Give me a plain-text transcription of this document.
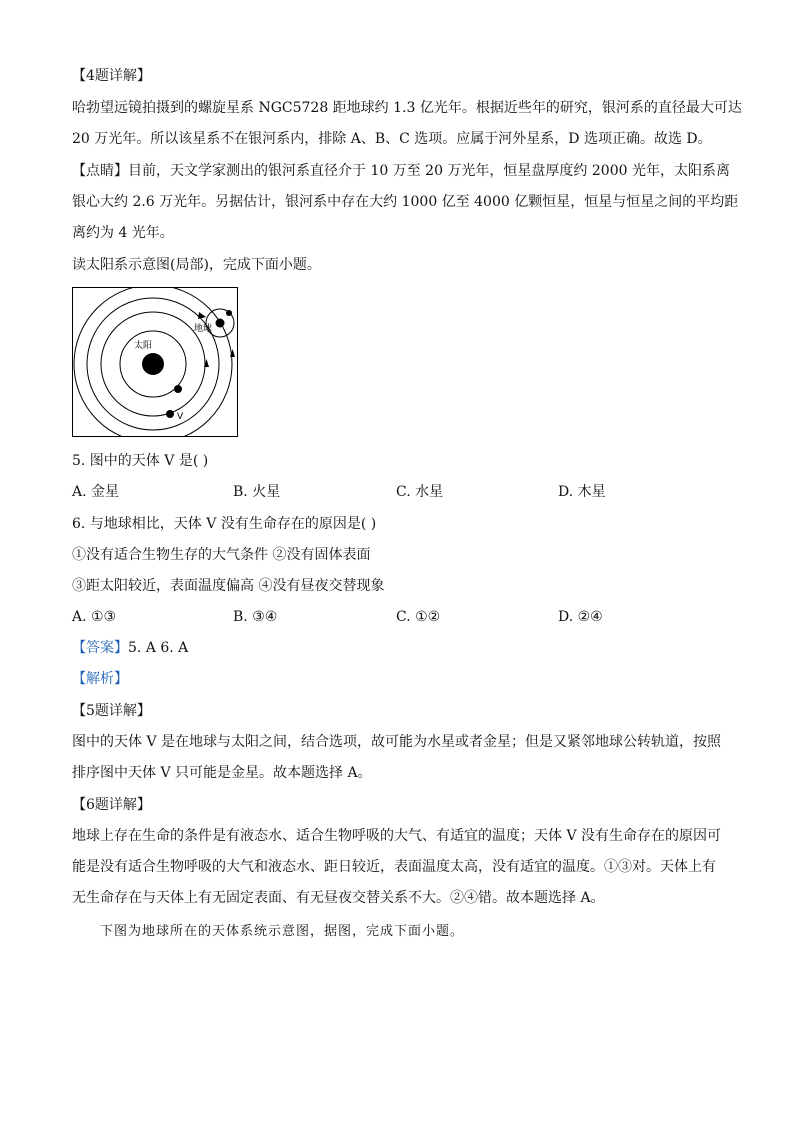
【4题详解】
哈勃望远镜拍摄到的螺旋星系 NGC5728 距地球约 1.3 亿光年。根据近些年的研究，银河系的直径最大可达
20 万光年。所以该星系不在银河系内，排除 A、B、C 选项。应属于河外星系，D 选项正确。故选 D。
【点睛】目前，天文学家测出的银河系直径介于 10 万至 20 万光年，恒星盘厚度约 2000 光年，太阳系离
银心大约 2.6 万光年。另据估计，银河系中存在大约 1000 亿至 4000 亿颗恒星，恒星与恒星之间的平均距
离约为 4 光年。
读太阳系示意图(局部)，完成下面小题。
太阳
V
地球
5. 图中的天体 V 是( )
A. 金星	B. 火星	C. 水星	D. 木星
6. 与地球相比，天体 V 没有生命存在的原因是( )
①没有适合生物生存的大气条件 ②没有固体表面
③距太阳较近，表面温度偏高 ④没有昼夜交替现象
A. ①③	B. ③④	C. ①②	D. ②④
【答案】5. A 6. A
【解析】
【5题详解】
图中的天体 V 是在地球与太阳之间，结合选项，故可能为水星或者金星；但是又紧邻地球公转轨道，按照
排序图中天体 V 只可能是金星。故本题选择 A。
【6题详解】
地球上存在生命的条件是有液态水、适合生物呼吸的大气、有适宜的温度；天体 V 没有生命存在的原因可
能是没有适合生物呼吸的大气和液态水、距日较近，表面温度太高，没有适宜的温度。①③对。天体上有
无生命存在与天体上有无固定表面、有无昼夜交替关系不大。②④错。故本题选择 A。
下图为地球所在的天体系统示意图，据图，完成下面小题。
